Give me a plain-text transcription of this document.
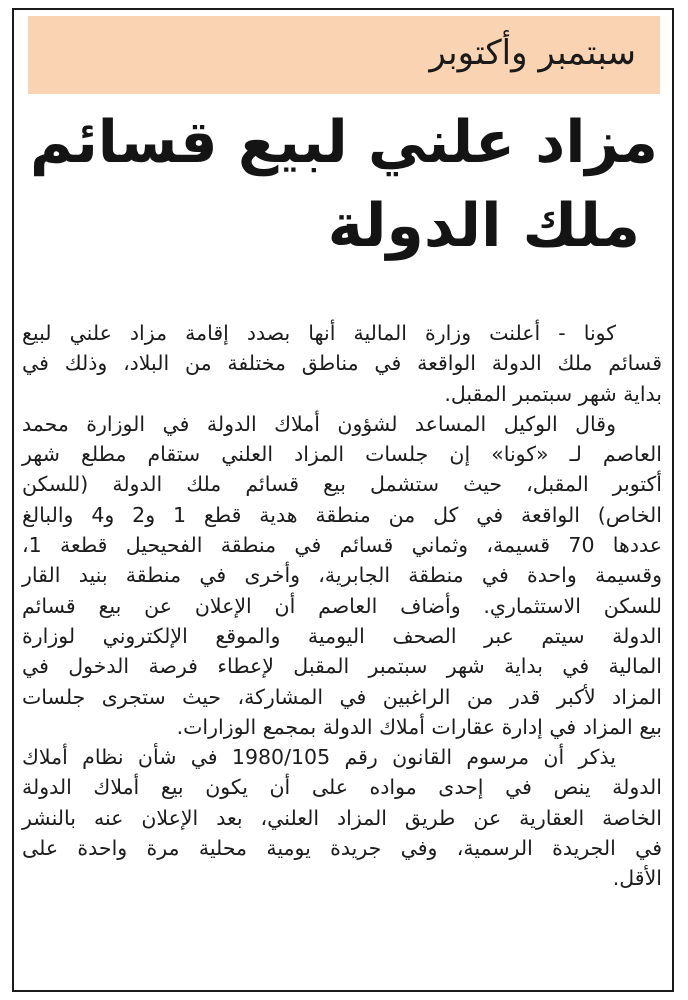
سبتمبر وأكتوبر
مزاد علني لبيع قسائم
ملك الدولة
كونا - أعلنت وزارة المالية أنها بصدد إقامة مزاد علني لبيع
قسائم ملك الدولة الواقعة في مناطق مختلفة من البلاد، وذلك في
بداية شهر سبتمبر المقبل.
وقال الوكيل المساعد لشؤون أملاك الدولة في الوزارة محمد
العاصم لـ «كونا» إن جلسات المزاد العلني ستقام مطلع شهر
أكتوبر المقبل، حيث ستشمل بيع قسائم ملك الدولة (للسكن
الخاص) الواقعة في كل من منطقة هدية قطع 1 و2 و4 والبالغ
عددها 70 قسيمة، وثماني قسائم في منطقة الفحيحيل قطعة 1،
وقسيمة واحدة في منطقة الجابرية، وأخرى في منطقة بنيد القار
للسكن الاستثماري. وأضاف العاصم أن الإعلان عن بيع قسائم
الدولة سيتم عبر الصحف اليومية والموقع الإلكتروني لوزارة
المالية في بداية شهر سبتمبر المقبل لإعطاء فرصة الدخول في
المزاد لأكبر قدر من الراغبين في المشاركة، حيث ستجرى جلسات
بيع المزاد في إدارة عقارات أملاك الدولة بمجمع الوزارات.
يذكر أن مرسوم القانون رقم 1980/105 في شأن نظام أملاك
الدولة ينص في إحدى مواده على أن يكون بيع أملاك الدولة
الخاصة العقارية عن طريق المزاد العلني، بعد الإعلان عنه بالنشر
في الجريدة الرسمية، وفي جريدة يومية محلية مرة واحدة على
الأقل.
